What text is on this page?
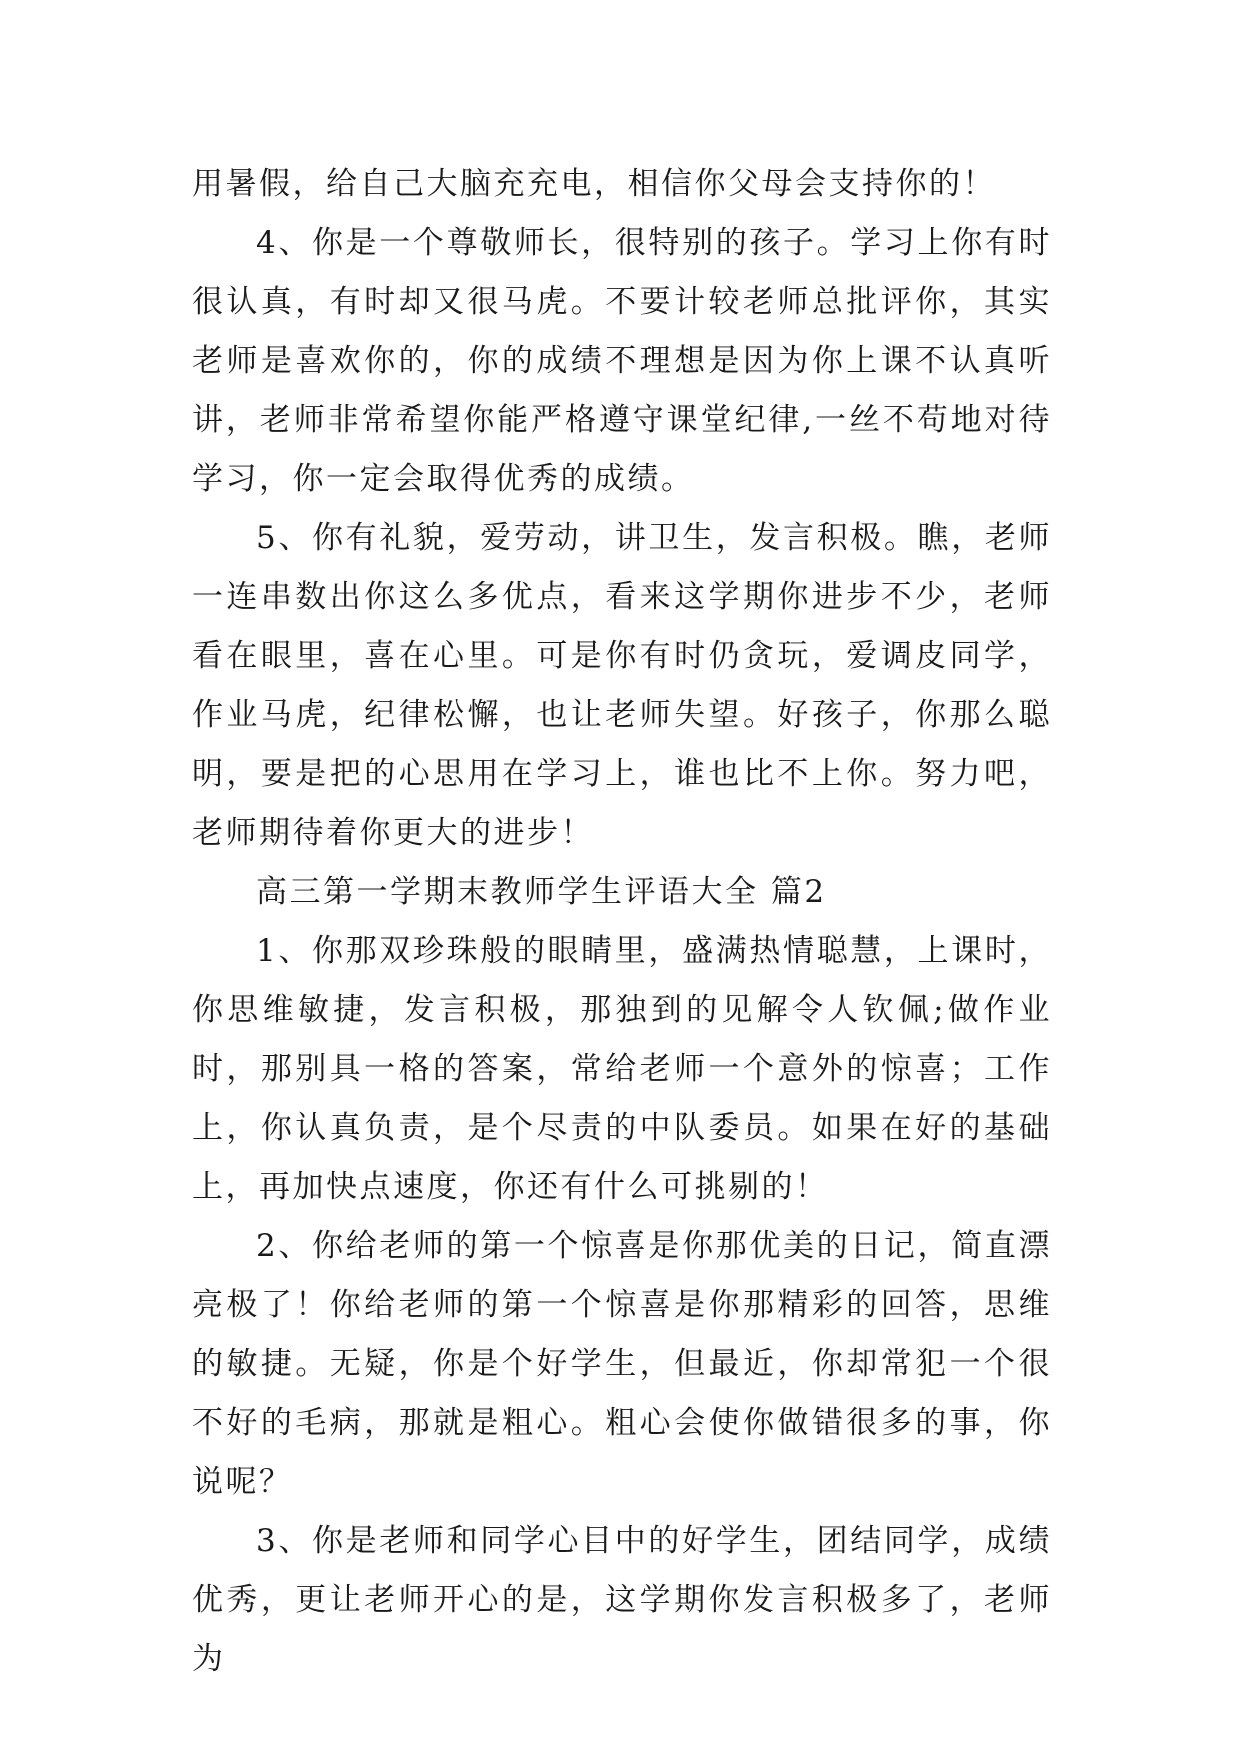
用暑假，给自己大脑充充电，相信你父母会支持你的！

4、你是一个尊敬师长，很特别的孩子。学习上你有时很认真，有时却又很马虎。不要计较老师总批评你，其实老师是喜欢你的，你的成绩不理想是因为你上课不认真听讲，老师非常希望你能严格遵守课堂纪律,一丝不苟地对待学习，你一定会取得优秀的成绩。

5、你有礼貌，爱劳动，讲卫生，发言积极。瞧，老师一连串数出你这么多优点，看来这学期你进步不少，老师看在眼里，喜在心里。可是你有时仍贪玩，爱调皮同学，作业马虎，纪律松懈，也让老师失望。好孩子，你那么聪明，要是把的心思用在学习上，谁也比不上你。努力吧，老师期待着你更大的进步！

高三第一学期末教师学生评语大全 篇2

1、你那双珍珠般的眼睛里，盛满热情聪慧，上课时，你思维敏捷，发言积极，那独到的见解令人钦佩;做作业时，那别具一格的答案，常给老师一个意外的惊喜；工作上，你认真负责，是个尽责的中队委员。如果在好的基础上，再加快点速度，你还有什么可挑剔的！

2、你给老师的第一个惊喜是你那优美的日记，简直漂亮极了！你给老师的第一个惊喜是你那精彩的回答，思维的敏捷。无疑，你是个好学生，但最近，你却常犯一个很不好的毛病，那就是粗心。粗心会使你做错很多的事，你说呢？

3、你是老师和同学心目中的好学生，团结同学，成绩优秀，更让老师开心的是，这学期你发言积极多了，老师为
